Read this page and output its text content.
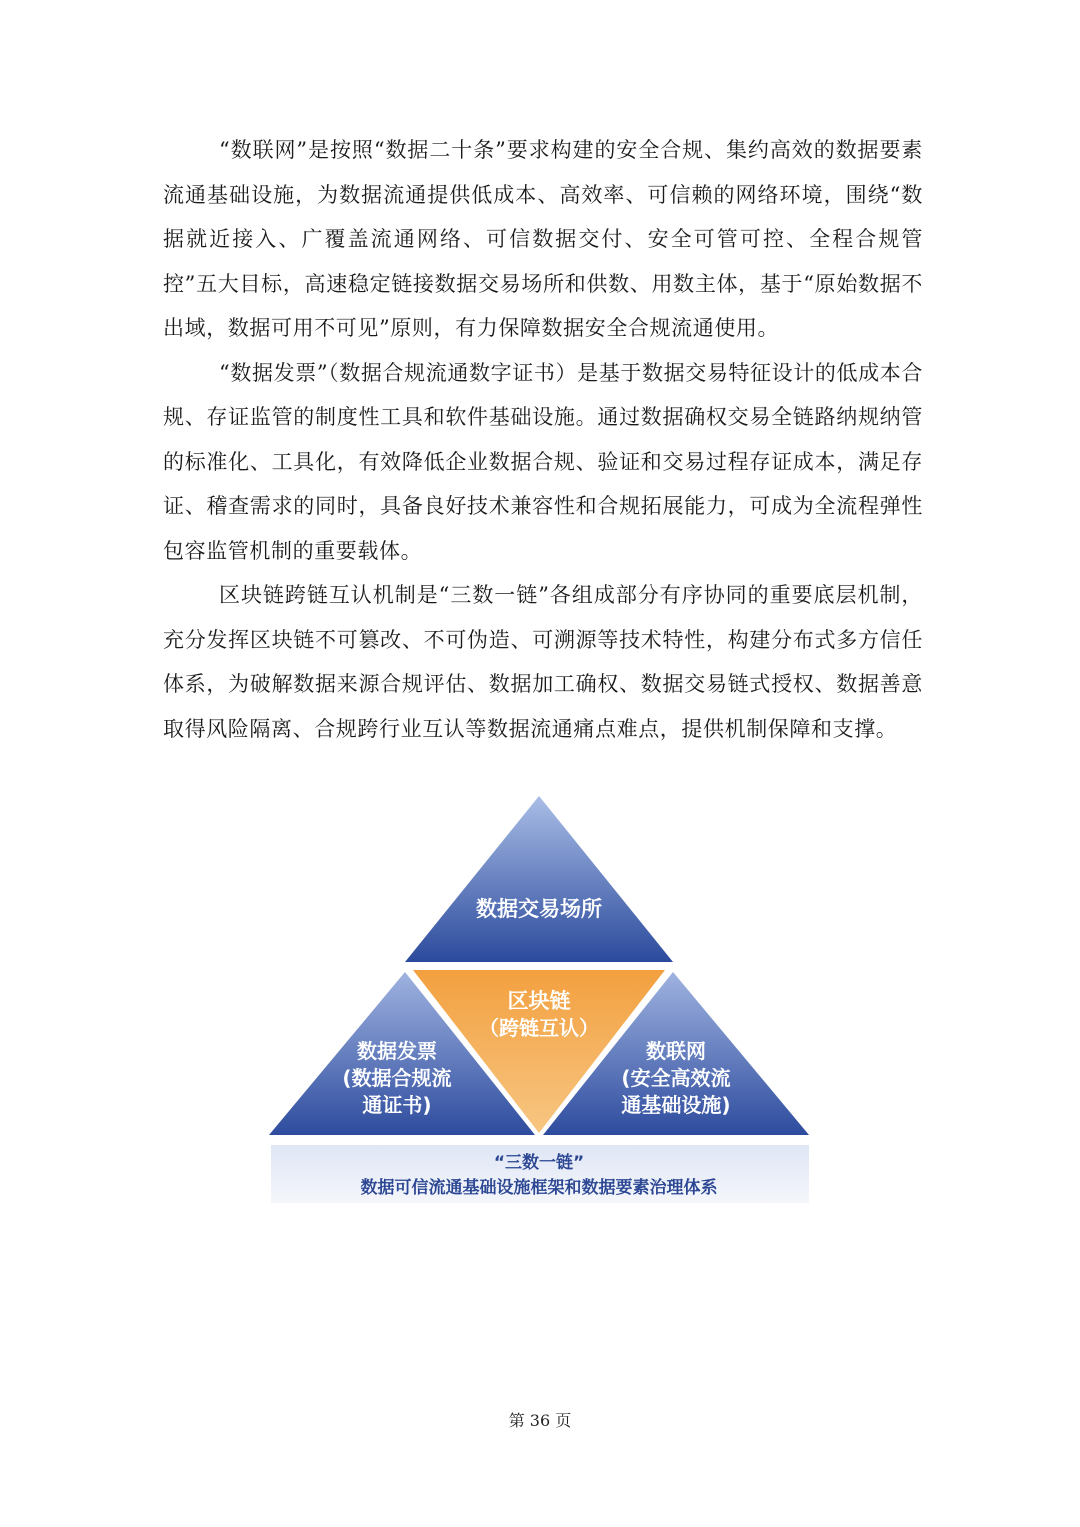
“数联网”是按照“数据二十条”要求构建的安全合规、集约高效的数据要素流通基础设施，为数据流通提供低成本、高效率、可信赖的网络环境，围绕“数据就近接入、广覆盖流通网络、可信数据交付、安全可管可控、全程合规管控”五大目标，高速稳定链接数据交易场所和供数、用数主体，基于“原始数据不出域，数据可用不可见”原则，有力保障数据安全合规流通使用。

“数据发票”（数据合规流通数字证书）是基于数据交易特征设计的低成本合规、存证监管的制度性工具和软件基础设施。通过数据确权交易全链路纳规纳管的标准化、工具化，有效降低企业数据合规、验证和交易过程存证成本，满足存证、稽查需求的同时，具备良好技术兼容性和合规拓展能力，可成为全流程弹性包容监管机制的重要载体。

区块链跨链互认机制是“三数一链”各组成部分有序协同的重要底层机制，充分发挥区块链不可篡改、不可伪造、可溯源等技术特性，构建分布式多方信任体系，为破解数据来源合规评估、数据加工确权、数据交易链式授权、数据善意取得风险隔离、合规跨行业互认等数据流通痛点难点，提供机制保障和支撑。

数据交易场所
区块链
（跨链互认）
数据发票
(数据合规流
通证书)
数联网
(安全高效流
通基础设施)
“三数一链”
数据可信流通基础设施框架和数据要素治理体系
第 36 页
